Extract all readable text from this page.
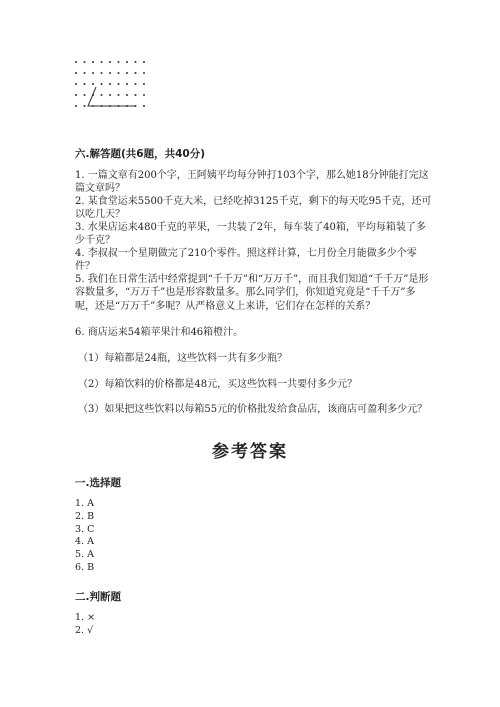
六.解答题(共6题，共40分)
1. 一篇文章有200个字，王阿姨平均每分钟打103个字，那么她18分钟能打完这篇文章吗？
2. 某食堂运来5500千克大米，已经吃掉3125千克，剩下的每天吃95千克，还可以吃几天？
3. 水果店运来480千克的苹果，一共装了2年，每车装了40箱，平均每箱装了多少千克？
4. 李叔叔一个星期做完了210个零件。照这样计算，七月份全月能做多少个零件？
5. 我们在日常生活中经常提到“千千万”和“万万千”，而且我们知道“千千万”是形容数量多，“万万千”也是形容数量多。那么同学们，你知道究竟是“千千万”多呢，还是“万万千”多呢？从严格意义上来讲，它们存在怎样的关系？
6. 商店运来54箱苹果汁和46箱橙汁。
（1）每箱都是24瓶，这些饮料一共有多少瓶？
（2）每箱饮料的价格都是48元，买这些饮料一共要付多少元？
（3）如果把这些饮料以每箱55元的价格批发给食品店，该商店可盈利多少元？
参考答案
一.选择题
1. A
2. B
3. C
4. A
5. A
6. B
二.判断题
1. ×
2. √
